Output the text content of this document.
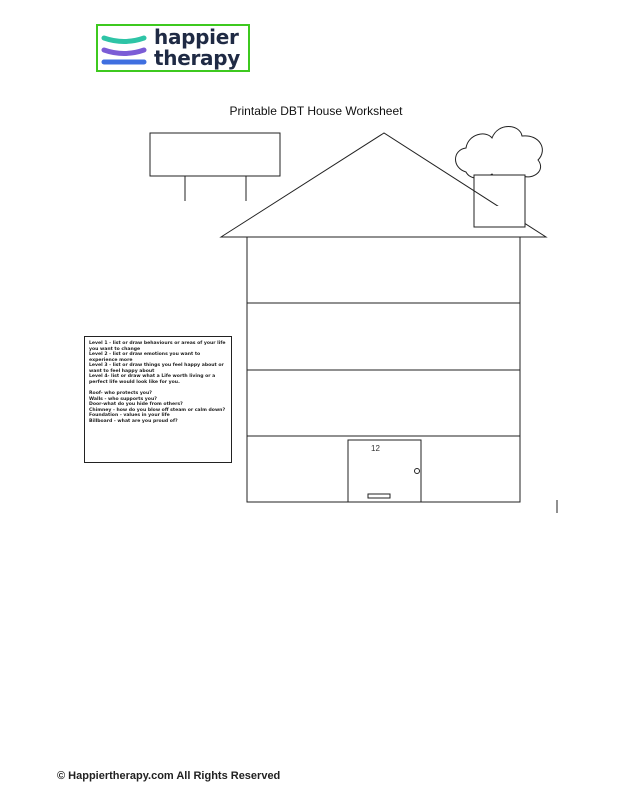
happier
therapy
Printable DBT House Worksheet
12

Level 1 - list or draw behaviours or areas of your life you want to change

Level 2 - list or draw emotions you want to experience more

Level 3 - list or draw things you feel happy about or want to feel happy about

Level 4- list or draw what a Life worth living or a perfect life would look like for you.

Roof- who protects you?

Walls - who supports you?

Door-what do you hide from others?

Chimney - how do you blow off steam or calm down?

Foundation - values in your life

Billboard - what are you proud of?

© Happiertherapy.com All Rights Reserved
